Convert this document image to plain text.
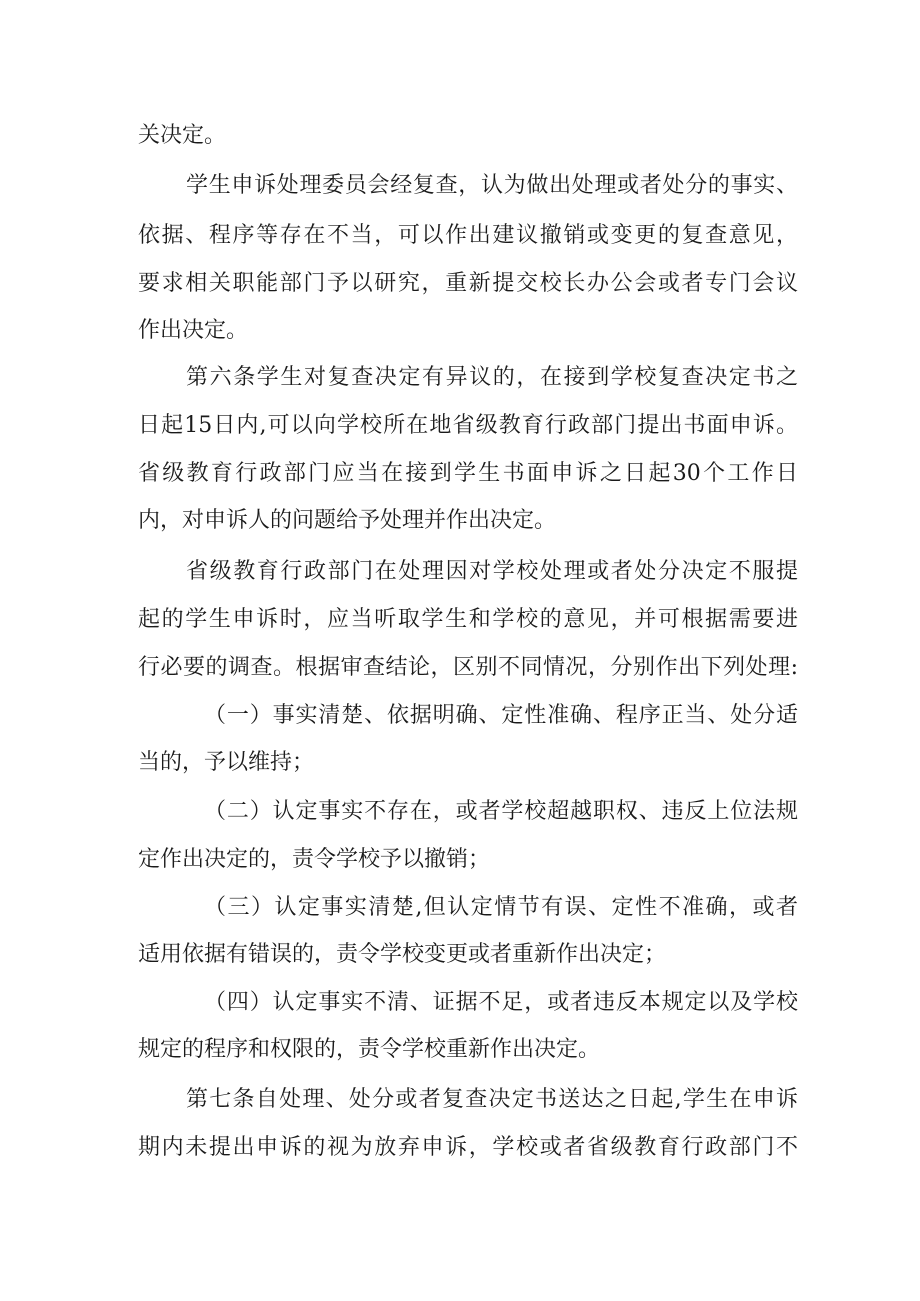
关决定。
学生申诉处理委员会经复查，认为做出处理或者处分的事实、
依据、程序等存在不当，可以作出建议撤销或变更的复查意见，
要求相关职能部门予以研究，重新提交校长办公会或者专门会议
作出决定。
第六条学生对复查决定有异议的，在接到学校复查决定书之
日起15日内,可以向学校所在地省级教育行政部门提出书面申诉。
省级教育行政部门应当在接到学生书面申诉之日起30个工作日
内，对申诉人的问题给予处理并作出决定。
省级教育行政部门在处理因对学校处理或者处分决定不服提
起的学生申诉时，应当听取学生和学校的意见，并可根据需要进
行必要的调查。根据审查结论，区别不同情况，分别作出下列处理:
（一）事实清楚、依据明确、定性准确、程序正当、处分适
当的，予以维持；
（二）认定事实不存在，或者学校超越职权、违反上位法规
定作出决定的，责令学校予以撤销；
（三）认定事实清楚,但认定情节有误、定性不准确，或者
适用依据有错误的，责令学校变更或者重新作出决定；
（四）认定事实不清、证据不足，或者违反本规定以及学校
规定的程序和权限的，责令学校重新作出决定。
第七条自处理、处分或者复查决定书送达之日起,学生在申诉
期内未提出申诉的视为放弃申诉，学校或者省级教育行政部门不
